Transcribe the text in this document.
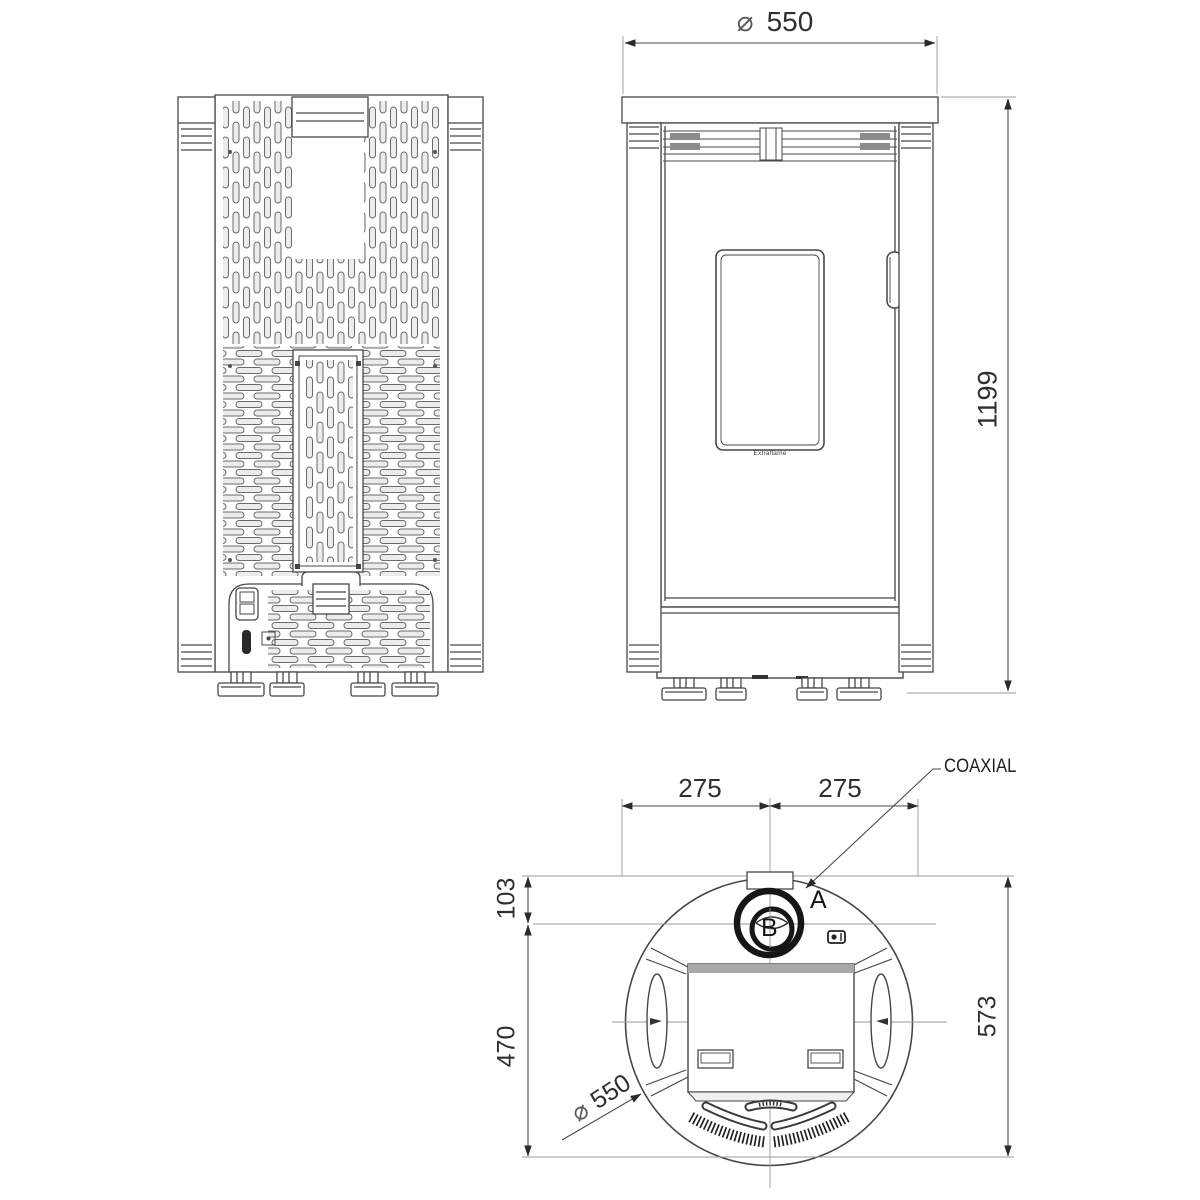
⌀ 550
1199
275	275
103
470
573
⌀
550
COAXIAL
A
B
Extraflame
